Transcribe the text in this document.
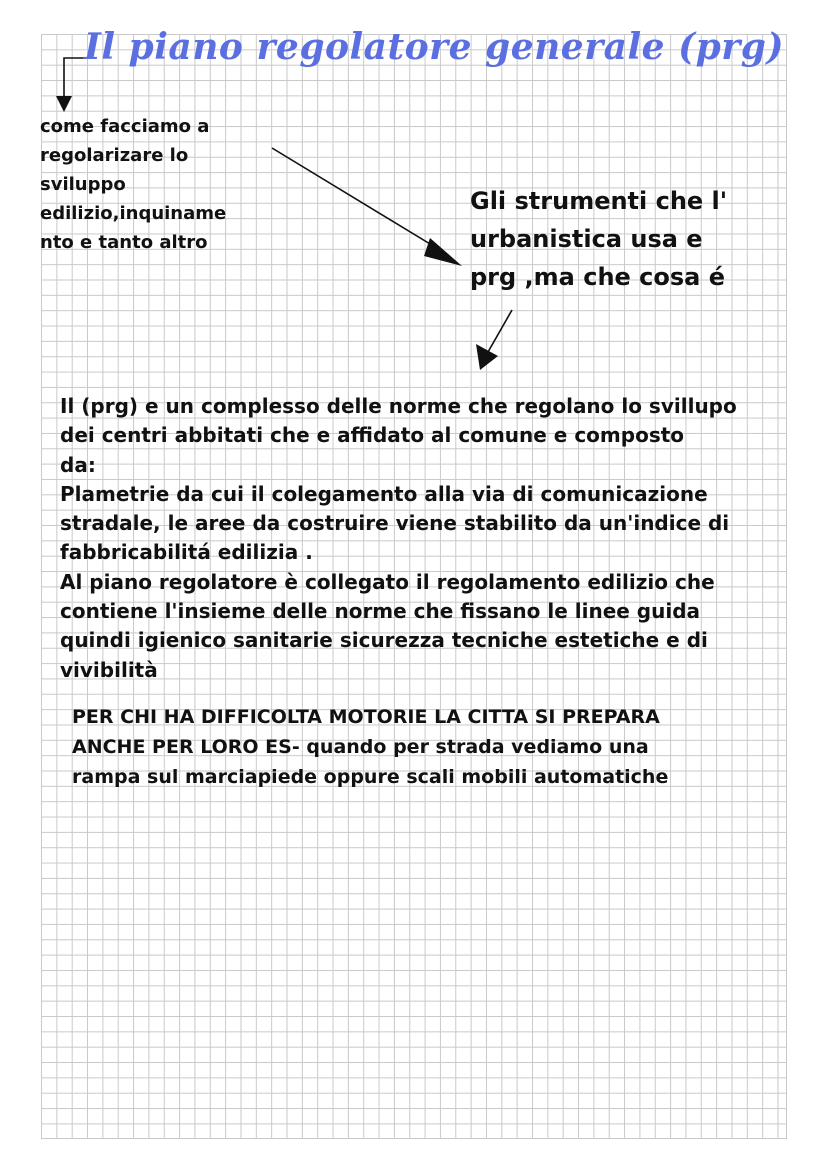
Il piano regolatore generale (prg)

come facciamo a
regolarizare lo
sviluppo
edilizio,inquiname
nto e tanto altro

Gli strumenti che l'
urbanistica usa e
prg ,ma che cosa é

Il (prg) e un complesso delle norme che regolano lo svillupo
dei centri abbitati che e affidato al comune e composto
da:
Plametrie da cui il colegamento alla via di comunicazione
stradale, le aree da costruire viene stabilito da un'indice di
fabbricabilitá edilizia .
Al piano regolatore è collegato il regolamento edilizio che
contiene l'insieme delle norme che fissano le linee guida
quindi igienico sanitarie sicurezza tecniche estetiche e di
vivibilità

PER CHI HA DIFFICOLTA MOTORIE LA CITTA SI PREPARA
ANCHE PER LORO ES- quando per strada vediamo una
rampa sul marciapiede oppure scali mobili automatiche
